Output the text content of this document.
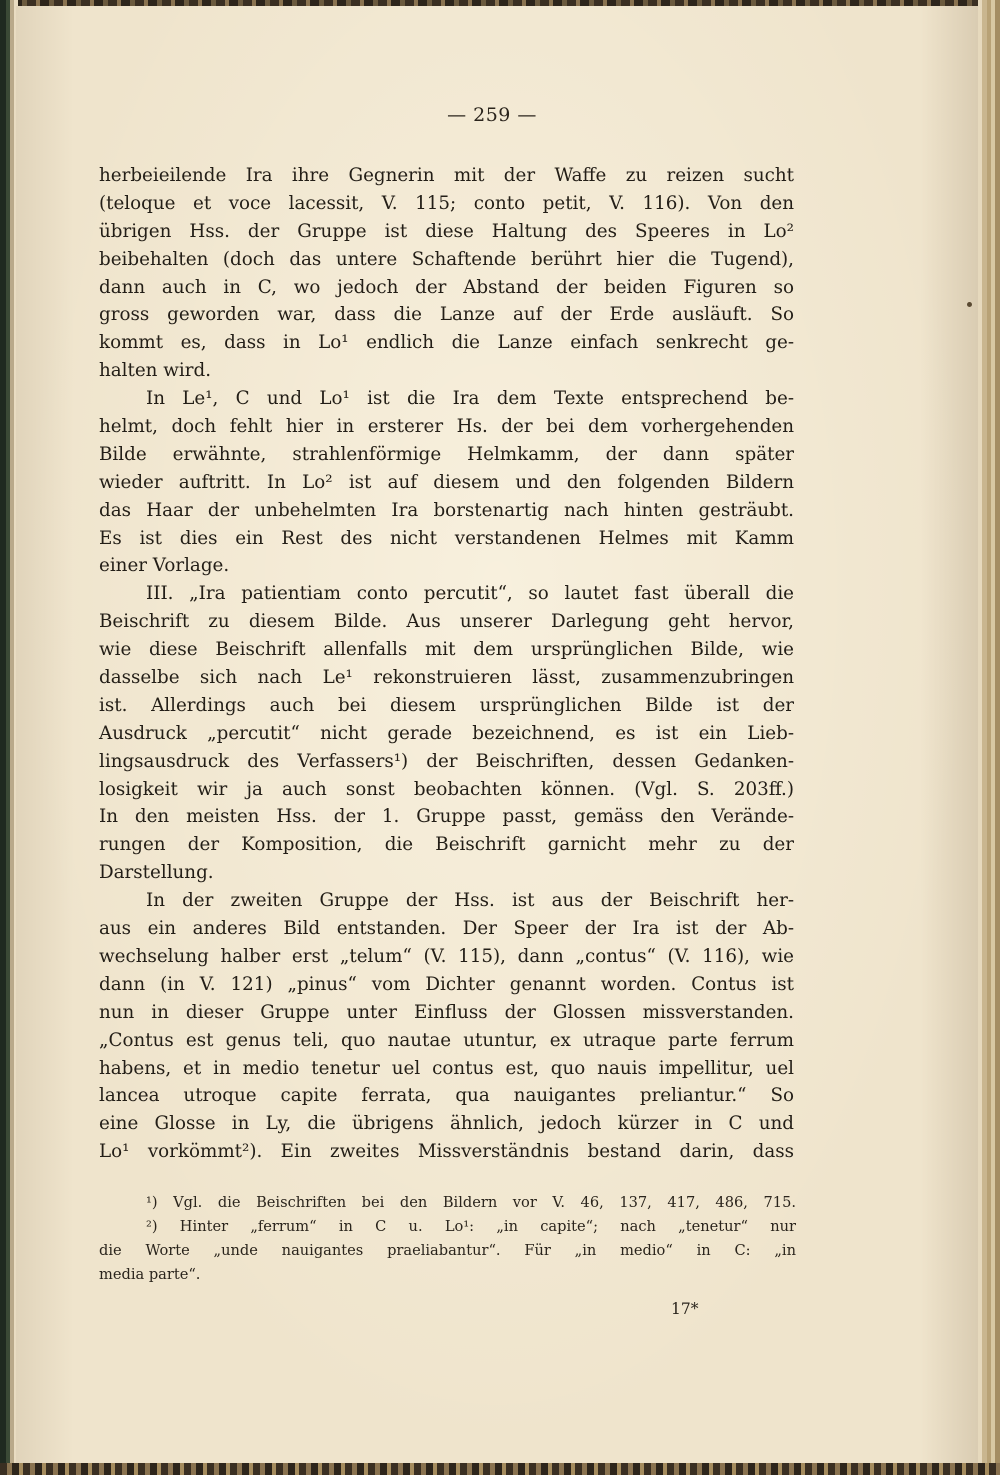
— 259 —
herbeieilende Ira ihre Gegnerin mit der Waffe zu reizen sucht
(teloque et voce lacessit, V. 115; conto petit, V. 116). Von den
übrigen Hss. der Gruppe ist diese Haltung des Speeres in Lo²
beibehalten (doch das untere Schaftende berührt hier die Tugend),
dann auch in C, wo jedoch der Abstand der beiden Figuren so
gross geworden war, dass die Lanze auf der Erde ausläuft. So
kommt es, dass in Lo¹ endlich die Lanze einfach senkrecht ge-
halten wird.
In Le¹, C und Lo¹ ist die Ira dem Texte entsprechend be-
helmt, doch fehlt hier in ersterer Hs. der bei dem vorhergehenden
Bilde erwähnte, strahlenförmige Helmkamm, der dann später
wieder auftritt. In Lo² ist auf diesem und den folgenden Bildern
das Haar der unbehelmten Ira borstenartig nach hinten gesträubt.
Es ist dies ein Rest des nicht verstandenen Helmes mit Kamm
einer Vorlage.
III. „Ira patientiam conto percutit“, so lautet fast überall die
Beischrift zu diesem Bilde. Aus unserer Darlegung geht hervor,
wie diese Beischrift allenfalls mit dem ursprünglichen Bilde, wie
dasselbe sich nach Le¹ rekonstruieren lässt, zusammenzubringen
ist. Allerdings auch bei diesem ursprünglichen Bilde ist der
Ausdruck „percutit“ nicht gerade bezeichnend, es ist ein Lieb-
lingsausdruck des Verfassers¹) der Beischriften, dessen Gedanken-
losigkeit wir ja auch sonst beobachten können. (Vgl. S. 203ff.)
In den meisten Hss. der 1. Gruppe passt, gemäss den Verände-
rungen der Komposition, die Beischrift garnicht mehr zu der
Darstellung.
In der zweiten Gruppe der Hss. ist aus der Beischrift her-
aus ein anderes Bild entstanden. Der Speer der Ira ist der Ab-
wechselung halber erst „telum“ (V. 115), dann „contus“ (V. 116), wie
dann (in V. 121) „pinus“ vom Dichter genannt worden. Contus ist
nun in dieser Gruppe unter Einfluss der Glossen missverstanden.
„Contus est genus teli, quo nautae utuntur, ex utraque parte ferrum
habens, et in medio tenetur uel contus est, quo nauis impellitur, uel
lancea utroque capite ferrata, qua nauigantes preliantur.“ So
eine Glosse in Ly, die übrigens ähnlich, jedoch kürzer in C und
Lo¹ vorkömmt²). Ein zweites Missverständnis bestand darin, dass
¹) Vgl. die Beischriften bei den Bildern vor V. 46, 137, 417, 486, 715.
²) Hinter „ferrum“ in C u. Lo¹: „in capite“; nach „tenetur“ nur
die Worte „unde nauigantes praeliabantur“. Für „in medio“ in C: „in
media parte“.
17*
